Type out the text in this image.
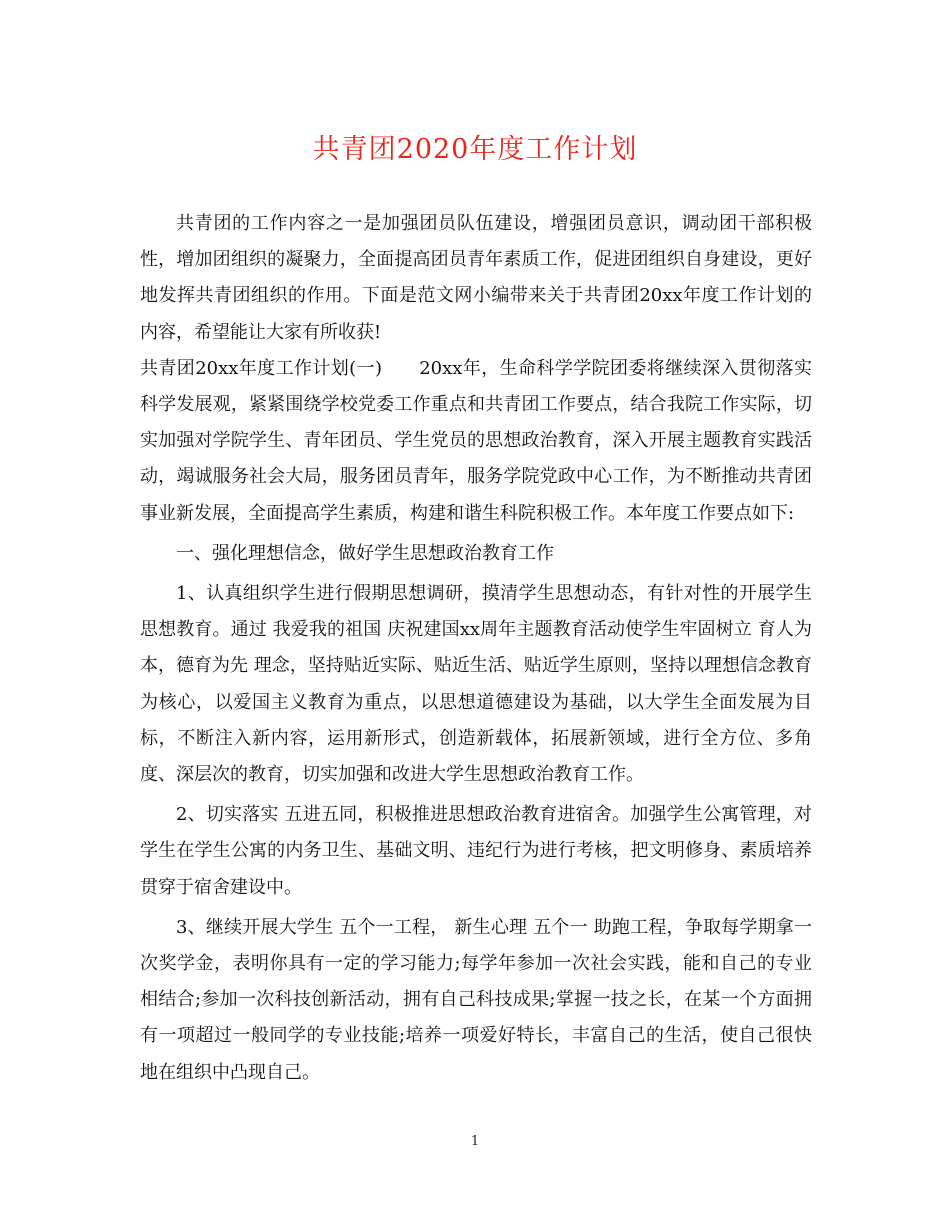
共青团2020年度工作计划

共青团的工作内容之一是加强团员队伍建设，增强团员意识，调动团干部积极性，增加团组织的凝聚力，全面提高团员青年素质工作，促进团组织自身建设，更好地发挥共青团组织的作用。下面是范文网小编带来关于共青团20xx年度工作计划的内容，希望能让大家有所收获!

共青团20xx年度工作计划(一)　　20xx年，生命科学学院团委将继续深入贯彻落实科学发展观，紧紧围绕学校党委工作重点和共青团工作要点，结合我院工作实际，切实加强对学院学生、青年团员、学生党员的思想政治教育，深入开展主题教育实践活动，竭诚服务社会大局，服务团员青年，服务学院党政中心工作，为不断推动共青团事业新发展，全面提高学生素质，构建和谐生科院积极工作。本年度工作要点如下:

一、强化理想信念，做好学生思想政治教育工作

1、认真组织学生进行假期思想调研，摸清学生思想动态，有针对性的开展学生思想教育。通过 我爱我的祖国 庆祝建国xx周年主题教育活动使学生牢固树立 育人为本，德育为先 理念，坚持贴近实际、贴近生活、贴近学生原则，坚持以理想信念教育为核心，以爱国主义教育为重点，以思想道德建设为基础，以大学生全面发展为目标，不断注入新内容，运用新形式，创造新载体，拓展新领域，进行全方位、多角度、深层次的教育，切实加强和改进大学生思想政治教育工作。

2、切实落实 五进五同，积极推进思想政治教育进宿舍。加强学生公寓管理，对学生在学生公寓的内务卫生、基础文明、违纪行为进行考核，把文明修身、素质培养贯穿于宿舍建设中。

3、继续开展大学生 五个一工程， 新生心理 五个一 助跑工程，争取每学期拿一次奖学金，表明你具有一定的学习能力;每学年参加一次社会实践，能和自己的专业相结合;参加一次科技创新活动，拥有自己科技成果;掌握一技之长，在某一个方面拥有一项超过一般同学的专业技能;培养一项爱好特长，丰富自己的生活，使自己很快地在组织中凸现自己。

1
